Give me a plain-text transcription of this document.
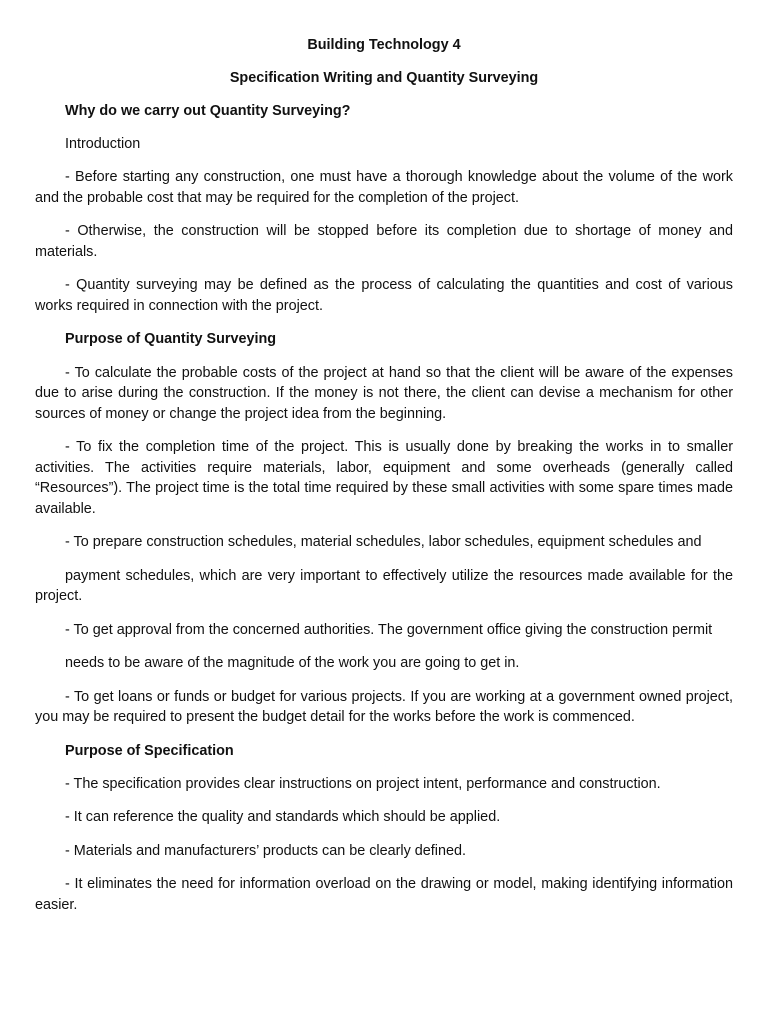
Building Technology 4

Specification Writing and Quantity Surveying

Why do we carry out Quantity Surveying?

Introduction

- Before starting any construction, one must have a thorough knowledge about the volume of the work and the probable cost that may be required for the completion of the project.

- Otherwise, the construction will be stopped before its completion due to shortage of money and materials.

- Quantity surveying may be defined as the process of calculating the quantities and cost of various works required in connection with the project.

Purpose of Quantity Surveying

- To calculate the probable costs of the project at hand so that the client will be aware of the expenses due to arise during the construction. If the money is not there, the client can devise a mechanism for other sources of money or change the project idea from the beginning.

- To fix the completion time of the project. This is usually done by breaking the works in to smaller activities. The activities require materials, labor, equipment and some overheads (generally called “Resources”). The project time is the total time required by these small activities with some spare times made available.

- To prepare construction schedules, material schedules, labor schedules, equipment schedules and

payment schedules, which are very important to effectively utilize the resources made available for the project.

- To get approval from the concerned authorities. The government office giving the construction permit

needs to be aware of the magnitude of the work you are going to get in.

- To get loans or funds or budget for various projects. If you are working at a government owned project, you may be required to present the budget detail for the works before the work is commenced.

Purpose of Specification

- The specification provides clear instructions on project intent, performance and construction.

- It can reference the quality and standards which should be applied.

- Materials and manufacturers’ products can be clearly defined.

- It eliminates the need for information overload on the drawing or model, making identifying information easier.
